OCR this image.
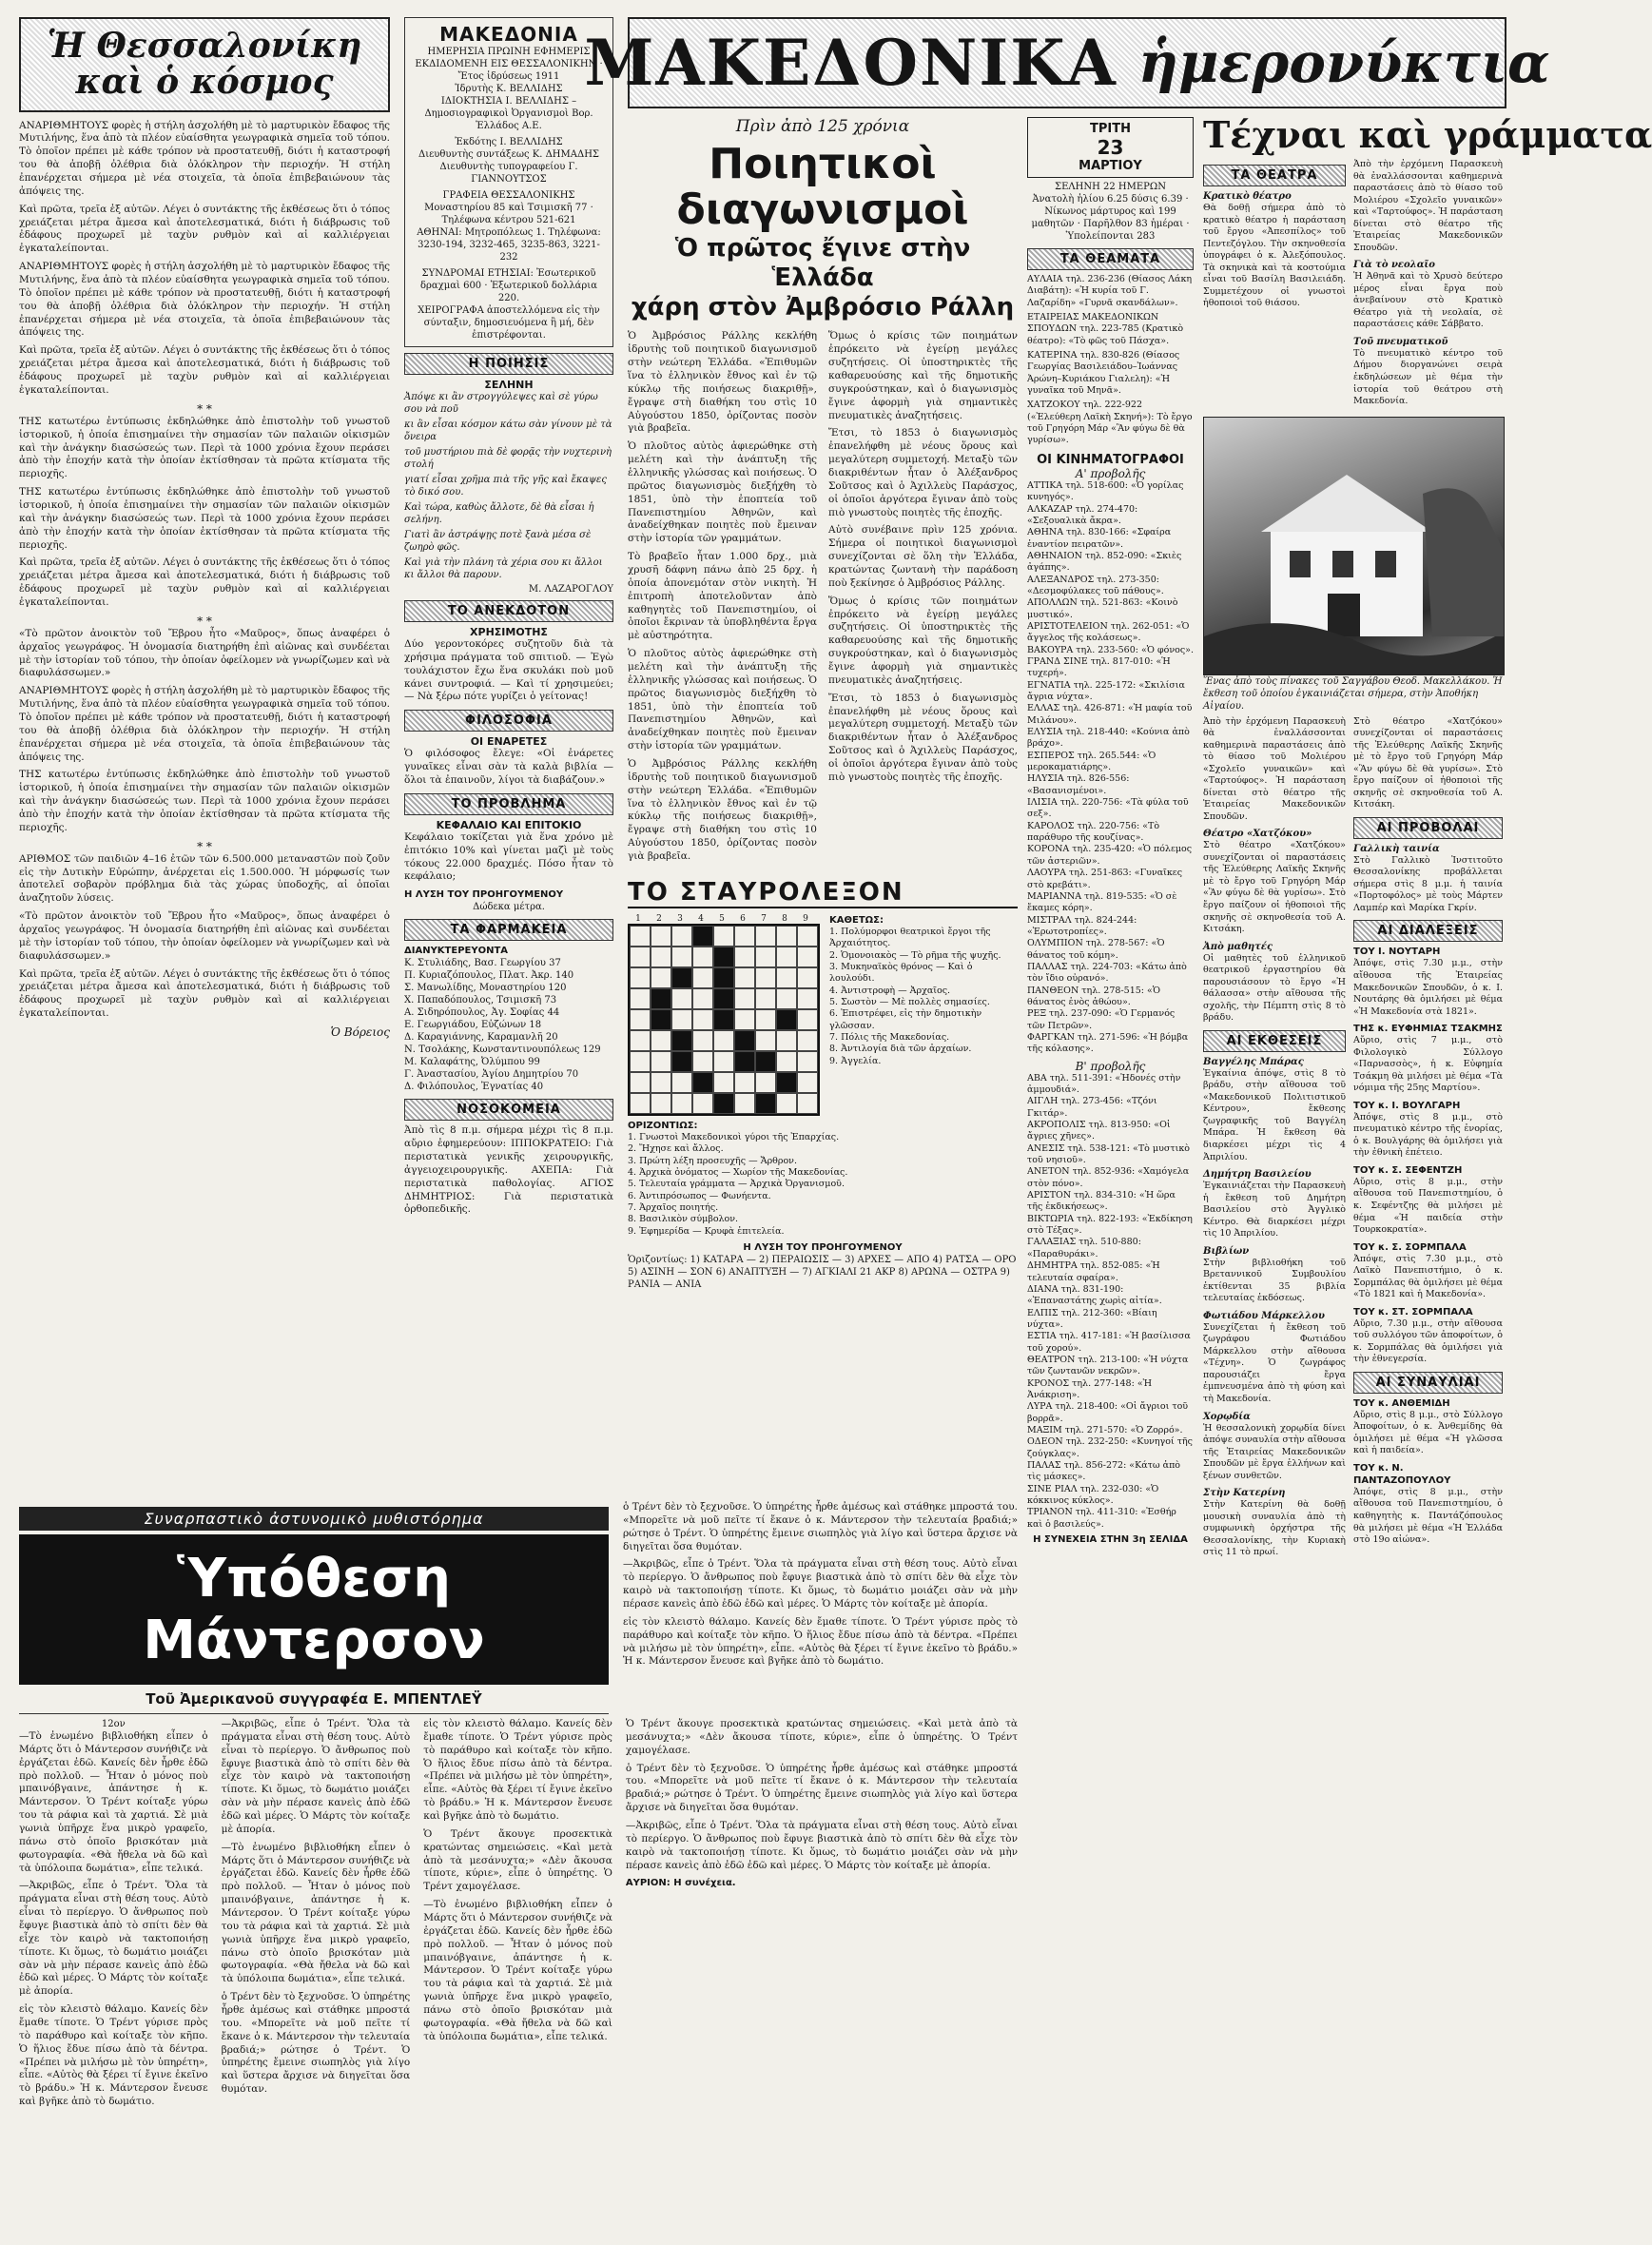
Ἡ Θεσσαλονίκη
καὶ ὁ κόσμος

ΑΝΑΡΙΘΜΗΤΟΥΣ φορὲς ἡ στήλη ἀσχολήθη μὲ τὸ μαρτυρικὸν ἔδαφος τῆς Μυτιλήνης, ἕνα ἀπὸ τὰ πλέον εὐαίσθητα γεωγραφικὰ σημεῖα τοῦ τόπου. Τὸ ὁποῖον πρέπει μὲ κάθε τρόπον νὰ προστατευθῇ, διότι ἡ καταστροφή του θὰ ἀποβῇ ὀλέθρια διὰ ὁλόκληρον τὴν περιοχήν. Ἡ στήλη ἐπανέρχεται σήμερα μὲ νέα στοιχεῖα, τὰ ὁποῖα ἐπιβεβαιώνουν τὰς ἀπόψεις της.

Καὶ πρῶτα, τρεῖα ἐξ αὐτῶν. Λέγει ὁ συντάκτης τῆς ἐκθέσεως ὅτι ὁ τόπος χρειάζεται μέτρα ἄμεσα καὶ ἀποτελεσματικά, διότι ἡ διάβρωσις τοῦ ἐδάφους προχωρεῖ μὲ ταχὺν ρυθμὸν καὶ αἱ καλλιέργειαι ἐγκαταλείπονται.

ΑΝΑΡΙΘΜΗΤΟΥΣ φορὲς ἡ στήλη ἀσχολήθη μὲ τὸ μαρτυρικὸν ἔδαφος τῆς Μυτιλήνης, ἕνα ἀπὸ τὰ πλέον εὐαίσθητα γεωγραφικὰ σημεῖα τοῦ τόπου. Τὸ ὁποῖον πρέπει μὲ κάθε τρόπον νὰ προστατευθῇ, διότι ἡ καταστροφή του θὰ ἀποβῇ ὀλέθρια διὰ ὁλόκληρον τὴν περιοχήν. Ἡ στήλη ἐπανέρχεται σήμερα μὲ νέα στοιχεῖα, τὰ ὁποῖα ἐπιβεβαιώνουν τὰς ἀπόψεις της.

Καὶ πρῶτα, τρεῖα ἐξ αὐτῶν. Λέγει ὁ συντάκτης τῆς ἐκθέσεως ὅτι ὁ τόπος χρειάζεται μέτρα ἄμεσα καὶ ἀποτελεσματικά, διότι ἡ διάβρωσις τοῦ ἐδάφους προχωρεῖ μὲ ταχὺν ρυθμὸν καὶ αἱ καλλιέργειαι ἐγκαταλείπονται.

* *

ΤΗΣ κατωτέρω ἐντύπωσις ἐκδηλώθηκε ἀπὸ ἐπιστολὴν τοῦ γνωστοῦ ἱστορικοῦ, ἡ ὁποία ἐπισημαίνει τὴν σημασίαν τῶν παλαιῶν οἰκισμῶν καὶ τὴν ἀνάγκην διασώσεώς των. Περὶ τὰ 1000 χρόνια ἔχουν περάσει ἀπὸ τὴν ἐποχήν κατὰ τὴν ὁποίαν ἐκτίσθησαν τὰ πρῶτα κτίσματα τῆς περιοχῆς.

ΤΗΣ κατωτέρω ἐντύπωσις ἐκδηλώθηκε ἀπὸ ἐπιστολὴν τοῦ γνωστοῦ ἱστορικοῦ, ἡ ὁποία ἐπισημαίνει τὴν σημασίαν τῶν παλαιῶν οἰκισμῶν καὶ τὴν ἀνάγκην διασώσεώς των. Περὶ τὰ 1000 χρόνια ἔχουν περάσει ἀπὸ τὴν ἐποχήν κατὰ τὴν ὁποίαν ἐκτίσθησαν τὰ πρῶτα κτίσματα τῆς περιοχῆς.

Καὶ πρῶτα, τρεῖα ἐξ αὐτῶν. Λέγει ὁ συντάκτης τῆς ἐκθέσεως ὅτι ὁ τόπος χρειάζεται μέτρα ἄμεσα καὶ ἀποτελεσματικά, διότι ἡ διάβρωσις τοῦ ἐδάφους προχωρεῖ μὲ ταχὺν ρυθμὸν καὶ αἱ καλλιέργειαι ἐγκαταλείπονται.

* *

«Τὸ πρῶτον ἀνοικτὸν τοῦ Ἔβρου ἦτο «Μαῦρος», ὅπως ἀναφέρει ὁ ἀρχαῖος γεωγράφος. Ἡ ὀνομασία διατηρήθη ἐπὶ αἰῶνας καὶ συνδέεται μὲ τὴν ἱστορίαν τοῦ τόπου, τὴν ὁποίαν ὀφείλομεν νὰ γνωρίζωμεν καὶ νὰ διαφυλάσσωμεν.»

ΑΝΑΡΙΘΜΗΤΟΥΣ φορὲς ἡ στήλη ἀσχολήθη μὲ τὸ μαρτυρικὸν ἔδαφος τῆς Μυτιλήνης, ἕνα ἀπὸ τὰ πλέον εὐαίσθητα γεωγραφικὰ σημεῖα τοῦ τόπου. Τὸ ὁποῖον πρέπει μὲ κάθε τρόπον νὰ προστατευθῇ, διότι ἡ καταστροφή του θὰ ἀποβῇ ὀλέθρια διὰ ὁλόκληρον τὴν περιοχήν. Ἡ στήλη ἐπανέρχεται σήμερα μὲ νέα στοιχεῖα, τὰ ὁποῖα ἐπιβεβαιώνουν τὰς ἀπόψεις της.

ΤΗΣ κατωτέρω ἐντύπωσις ἐκδηλώθηκε ἀπὸ ἐπιστολὴν τοῦ γνωστοῦ ἱστορικοῦ, ἡ ὁποία ἐπισημαίνει τὴν σημασίαν τῶν παλαιῶν οἰκισμῶν καὶ τὴν ἀνάγκην διασώσεώς των. Περὶ τὰ 1000 χρόνια ἔχουν περάσει ἀπὸ τὴν ἐποχήν κατὰ τὴν ὁποίαν ἐκτίσθησαν τὰ πρῶτα κτίσματα τῆς περιοχῆς.

* *

ΑΡΙΘΜΟΣ τῶν παιδιῶν 4–16 ἐτῶν τῶν 6.500.000 μεταναστῶν ποὺ ζοῦν εἰς τὴν Δυτικὴν Εὐρώπην, ἀνέρχεται εἰς 1.500.000. Ἡ μόρφωσίς των ἀποτελεῖ σοβαρὸν πρόβλημα διὰ τὰς χώρας ὑποδοχῆς, αἱ ὁποῖαι ἀναζητοῦν λύσεις.

«Τὸ πρῶτον ἀνοικτὸν τοῦ Ἔβρου ἦτο «Μαῦρος», ὅπως ἀναφέρει ὁ ἀρχαῖος γεωγράφος. Ἡ ὀνομασία διατηρήθη ἐπὶ αἰῶνας καὶ συνδέεται μὲ τὴν ἱστορίαν τοῦ τόπου, τὴν ὁποίαν ὀφείλομεν νὰ γνωρίζωμεν καὶ νὰ διαφυλάσσωμεν.»

Καὶ πρῶτα, τρεῖα ἐξ αὐτῶν. Λέγει ὁ συντάκτης τῆς ἐκθέσεως ὅτι ὁ τόπος χρειάζεται μέτρα ἄμεσα καὶ ἀποτελεσματικά, διότι ἡ διάβρωσις τοῦ ἐδάφους προχωρεῖ μὲ ταχὺν ρυθμὸν καὶ αἱ καλλιέργειαι ἐγκαταλείπονται.

Ὁ Βόρειος
ΜΑΚΕΔΟΝΙΑ
ΗΜΕΡΗΣΙΑ ΠΡΩΙΝΗ ΕΦΗΜΕΡΙΣ ΕΚΔΙΔΟΜΕΝΗ ΕΙΣ ΘΕΣΣΑΛΟΝΙΚΗΝ · Ἔτος ἱδρύσεως 1911
Ἱδρυτὴς Κ. ΒΕΛΛΙΔΗΣ
ΙΔΙΟΚΤΗΣΙΑ Ι. ΒΕΛΛΙΔΗΣ – Δημοσιογραφικοὶ Ὀργανισμοὶ Βορ. Ἑλλάδος Α.Ε.
Ἐκδότης Ι. ΒΕΛΛΙΔΗΣ
Διευθυντὴς συντάξεως Κ. ΔΗΜΑΔΗΣ
Διευθυντὴς τυπογραφείου Γ. ΓΙΑΝΝΟΥΤΣΟΣ
ΓΡΑΦΕΙΑ ΘΕΣΣΑΛΟΝΙΚΗΣ Μοναστηρίου 85 καὶ Τσιμισκῆ 77 · Τηλέφωνα κέντρου 521-621
ΑΘΗΝΑΙ: Μητροπόλεως 1. Τηλέφωνα: 3230-194, 3232-465, 3235-863, 3221-232
ΣΥΝΔΡΟΜΑΙ ΕΤΗΣΙΑΙ: Ἐσωτερικοῦ δραχμαὶ 600 · Ἐξωτερικοῦ δολλάρια 220.
ΧΕΙΡΟΓΡΑΦΑ ἀποστελλόμενα εἰς τὴν σύνταξιν, δημοσιευόμενα ἢ μή, δὲν ἐπιστρέφονται.
Η ΠΟΙΗΣΙΣ
ΣΕΛΗΝΗ
Ἀπόψε κι ἂν στρογγύλεψες καὶ σὲ γύρω σου νὰ ποῦ
κι ἂν εἶσαι κόσμον κάτω σὰν γίνουν μὲ τὰ ὄνειρα
τοῦ μυστήριου πιὰ δὲ φορᾷς τὴν νυχτερινὴ στολή
γιατί εἶσαι χρῆμα πιὰ τῆς γῆς καὶ ἔκαψες τὸ δικό σου.
Καὶ τώρα, καθὼς ἄλλοτε, δὲ θὰ εἶσαι ἡ σελήνη.
Γιατὶ ἂν ἀστράψῃς ποτὲ ξανὰ μέσα σὲ ζωηρὸ φῶς.
Καὶ γιὰ τὴν πλάνη τὰ χέρια σου κι ἄλλοι κι ἄλλοι θὰ παρουν.
Μ. ΛΑΖΑΡΟΓΛΟΥ
ΤΟ ΑΝΕΚΔΟΤΟΝ
ΧΡΗΣΙΜΟΤΗΣ

Δύο γεροντοκόρες συζητοῦν διὰ τὰ χρήσιμα πράγματα τοῦ σπιτιοῦ. — Ἐγὼ τουλάχιστον ἔχω ἕνα σκυλάκι ποὺ μοῦ κάνει συντροφιά. — Καὶ τί χρησιμεύει; — Νὰ ξέρω πότε γυρίζει ὁ γείτονας!

ΦΙΛΟΣΟΦΙΑ
ΟΙ ΕΝΑΡΕΤΕΣ

Ὁ φιλόσοφος ἔλεγε: «Οἱ ἐνάρετες γυναῖκες εἶναι σὰν τὰ καλὰ βιβλία — ὅλοι τὰ ἐπαινοῦν, λίγοι τὰ διαβάζουν.»

ΤΟ ΠΡΟΒΛΗΜΑ
ΚΕΦΑΛΑΙΟ ΚΑΙ ΕΠΙΤΟΚΙΟ

Κεφάλαιο τοκίζεται γιὰ ἕνα χρόνο μὲ ἐπιτόκιο 10% καὶ γίνεται μαζὶ μὲ τοὺς τόκους 22.000 δραχμές. Πόσο ἦταν τὸ κεφάλαιο;

Η ΛΥΣΗ ΤΟΥ ΠΡΟΗΓΟΥΜΕΝΟΥ
Δώδεκα μέτρα.
ΤΑ ΦΑΡΜΑΚΕΙΑ
ΔΙΑΝΥΚΤΕΡΕΥΟΝΤΑ
Κ. Στυλιάδης, Βασ. Γεωργίου 37
Π. Κυριαζόπουλος, Πλατ. Ἀκρ. 140
Σ. Μανωλίδης, Μοναστηρίου 120
Χ. Παπαδόπουλος, Τσιμισκῆ 73
Α. Σιδηρόπουλος, Ἀγ. Σοφίας 44
Ε. Γεωργιάδου, Εὐζώνων 18
Δ. Καραγιάννης, Καραμανλῆ 20
Ν. Τσολάκης, Κωνσταντινουπόλεως 129
Μ. Καλαφάτης, Ὀλύμπου 99
Γ. Ἀναστασίου, Ἀγίου Δημητρίου 70
Δ. Φιλόπουλος, Ἐγνατίας 40
ΝΟΣΟΚΟΜΕΙΑ

Ἀπὸ τὶς 8 π.μ. σήμερα μέχρι τὶς 8 π.μ. αὔριο ἐφημερεύουν: ΙΠΠΟΚΡΑΤΕΙΟ: Γιὰ περιστατικὰ γενικῆς χειρουργικῆς, ἀγγειοχειρουργικῆς. ΑΧΕΠΑ: Γιὰ περιστατικὰ παθολογίας. ΑΓΙΟΣ ΔΗΜΗΤΡΙΟΣ: Γιὰ περιστατικὰ ὀρθοπεδικῆς.

ΜΑΚΕΔΟΝΙΚΑ ἡμερονύκτια
Πρὶν ἀπὸ 125 χρόνια
Ποιητικοὶ διαγωνισμοὶ
Ὁ πρῶτος ἔγινε στὴν Ἑλλάδα
χάρη στὸν Ἀμβρόσιο Ράλλη

Ὁ Ἀμβρόσιος Ράλλης κεκλήθη ἱδρυτὴς τοῦ ποιητικοῦ διαγωνισμοῦ στὴν νεώτερη Ἑλλάδα. «Ἐπιθυμῶν ἵνα τὸ ἑλληνικὸν ἔθνος καὶ ἐν τῷ κύκλῳ τῆς ποιήσεως διακριθῇ», ἔγραψε στὴ διαθήκη του στὶς 10 Αὐγούστου 1850, ὁρίζοντας ποσὸν γιὰ βραβεῖα.

Ὁ πλοῦτος αὐτὸς ἀφιερώθηκε στὴ μελέτη καὶ τὴν ἀνάπτυξη τῆς ἑλληνικῆς γλώσσας καὶ ποιήσεως. Ὁ πρῶτος διαγωνισμὸς διεξήχθη τὸ 1851, ὑπὸ τὴν ἐποπτεία τοῦ Πανεπιστημίου Ἀθηνῶν, καὶ ἀναδείχθηκαν ποιητὲς ποὺ ἔμειναν στὴν ἱστορία τῶν γραμμάτων.

Τὸ βραβεῖο ἦταν 1.000 δρχ., μιὰ χρυσῆ δάφνη πάνω ἀπὸ 25 δρχ. ἡ ὁποία ἀπονεμόταν στὸν νικητὴ. Ἡ ἐπιτροπὴ ἀποτελοῦνταν ἀπὸ καθηγητὲς τοῦ Πανεπιστημίου, οἱ ὁποῖοι ἔκριναν τὰ ὑποβληθέντα ἔργα μὲ αὐστηρότητα.

Ὁ πλοῦτος αὐτὸς ἀφιερώθηκε στὴ μελέτη καὶ τὴν ἀνάπτυξη τῆς ἑλληνικῆς γλώσσας καὶ ποιήσεως. Ὁ πρῶτος διαγωνισμὸς διεξήχθη τὸ 1851, ὑπὸ τὴν ἐποπτεία τοῦ Πανεπιστημίου Ἀθηνῶν, καὶ ἀναδείχθηκαν ποιητὲς ποὺ ἔμειναν στὴν ἱστορία τῶν γραμμάτων.

Ὁ Ἀμβρόσιος Ράλλης κεκλήθη ἱδρυτὴς τοῦ ποιητικοῦ διαγωνισμοῦ στὴν νεώτερη Ἑλλάδα. «Ἐπιθυμῶν ἵνα τὸ ἑλληνικὸν ἔθνος καὶ ἐν τῷ κύκλῳ τῆς ποιήσεως διακριθῇ», ἔγραψε στὴ διαθήκη του στὶς 10 Αὐγούστου 1850, ὁρίζοντας ποσὸν γιὰ βραβεῖα.

Ὅμως ὁ κρίσις τῶν ποιημάτων ἐπρόκειτο νὰ ἐγείρῃ μεγάλες συζητήσεις. Οἱ ὑποστηρικτὲς τῆς καθαρευούσης καὶ τῆς δημοτικῆς συγκρούστηκαν, καὶ ὁ διαγωνισμὸς ἔγινε ἀφορμὴ γιὰ σημαντικὲς πνευματικὲς ἀναζητήσεις.

Ἔτσι, τὸ 1853 ὁ διαγωνισμὸς ἐπανελήφθη μὲ νέους ὅρους καὶ μεγαλύτερη συμμετοχή. Μεταξὺ τῶν διακριθέντων ἦταν ὁ Ἀλέξανδρος Σοῦτσος καὶ ὁ Ἀχιλλεὺς Παράσχος, οἱ ὁποῖοι ἀργότερα ἔγιναν ἀπὸ τοὺς πιὸ γνωστοὺς ποιητὲς τῆς ἐποχῆς.

Αὐτὸ συνέβαινε πρὶν 125 χρόνια. Σήμερα οἱ ποιητικοὶ διαγωνισμοὶ συνεχίζονται σὲ ὅλη τὴν Ἑλλάδα, κρατώντας ζωντανὴ τὴν παράδοση ποὺ ξεκίνησε ὁ Ἀμβρόσιος Ράλλης.

Ὅμως ὁ κρίσις τῶν ποιημάτων ἐπρόκειτο νὰ ἐγείρῃ μεγάλες συζητήσεις. Οἱ ὑποστηρικτὲς τῆς καθαρευούσης καὶ τῆς δημοτικῆς συγκρούστηκαν, καὶ ὁ διαγωνισμὸς ἔγινε ἀφορμὴ γιὰ σημαντικὲς πνευματικὲς ἀναζητήσεις.

Ἔτσι, τὸ 1853 ὁ διαγωνισμὸς ἐπανελήφθη μὲ νέους ὅρους καὶ μεγαλύτερη συμμετοχή. Μεταξὺ τῶν διακριθέντων ἦταν ὁ Ἀλέξανδρος Σοῦτσος καὶ ὁ Ἀχιλλεὺς Παράσχος, οἱ ὁποῖοι ἀργότερα ἔγιναν ἀπὸ τοὺς πιὸ γνωστοὺς ποιητὲς τῆς ἐποχῆς.

ΤΟ ΣΤΑΥΡΟΛΕΞΟΝ
1	2	3	4	5	6	7	8	9	ΚΑΘΕΤΩΣ:
1. Πολύμορφοι θεατρικοὶ ἔργοι τῆς Ἀρχαιότητος.
2. Ὁμονοιακὸς — Τὸ ρῆμα τῆς ψυχῆς.
3. Μυκηναϊκὸς θρόνος — Καὶ ὁ λουλούδι.
4. Ἀντιστροφὴ — Ἀρχαῖος.
5. Σωστὸν — Μὲ πολλὲς σημασίες.
6. Ἐπιστρέφει, εἰς τὴν δημοτικὴν γλῶσσαν.
7. Πόλις τῆς Μακεδονίας.
8. Ἀντιλογία διὰ τῶν ἀρχαίων.
9. Ἀγγελία.
ΟΡΙΖΟΝΤΙΩΣ:
1. Γνωστοὶ Μακεδονικοὶ γύροι τῆς Ἐπαρχίας.
2. Ἤχησε καὶ ἄλλος.
3. Πρώτη λέξη προσευχῆς — Ἄρθρον.
4. Ἀρχικὰ ὀνόματος — Χωρίον τῆς Μακεδονίας.
5. Τελευταία γράμματα — Ἀρχικὰ Ὀργανισμοῦ.
6. Ἀντιπρόσωπος — Φωνήεντα.
7. Ἀρχαῖος ποιητής.
8. Βασιλικὸν σύμβολον.
9. Ἐφημερίδα — Κρυφὰ ἐπιτελεία.
Η ΛΥΣΗ ΤΟΥ ΠΡΟΗΓΟΥΜΕΝΟΥ
Ὁριζοντίως: 1) ΚΑΤΑΡΑ — 2) ΠΕΡΑΙΩΣΙΣ — 3) ΑΡΧΕΣ — ΑΠΟ 4) ΡΑΤΣΑ — ΟΡΟ 5) ΑΣΙΝΗ — ΣΟΝ 6) ΑΝΑΠΤΥΞΗ — 7) ΑΓΚΙΑΛΙ 21 ΑΚΡ 8) ΑΡΩΝΑ — ΟΣΤΡΑ 9) ΡΑΝΙΑ — ΑΝΙΑ
ΤΡΙΤΗ
23
ΜΑΡΤΙΟΥ
ΣΕΛΗΝΗ 22 ΗΜΕΡΩΝ
Ἀνατολὴ ἡλίου 6.25 δύσις 6.39 · Νίκωνος μάρτυρος καὶ 199 μαθητῶν · Παρῆλθον 83 ἡμέραι · Ὑπολείπονται 283
ΤΑ ΘΕΑΜΑΤΑ
ΑΥΛΑΙΑ τηλ. 236-236 (Θίασος Λάκη Διαβάτη): «Ἡ κυρία τοῦ Γ. Λαζαρίδη» «Γυρνᾶ σκανδάλων».
ΕΤΑΙΡΕΙΑΣ ΜΑΚΕΔΟΝΙΚΩΝ ΣΠΟΥΔΩΝ τηλ. 223-785 (Κρατικὸ θέατρο): «Τὸ φῶς τοῦ Πάσχα».
ΚΑΤΕΡΙΝΑ τηλ. 830-826 (Θίασος Γεωργίας Βασιλειάδου–Ἰωάννας Ἀρώνη–Κυριάκου Γιαλελη): «Ἡ γυναῖκα τοῦ Μηνᾶ».
ΧΑΤΖΟΚΟΥ τηλ. 222-922 («Ἐλεύθερη Λαϊκὴ Σκηνή»): Τὸ ἔργο τοῦ Γρηγόρη Μάρ «Ἂν φύγω δὲ θὰ γυρίσω».
ΟΙ ΚΙΝΗΜΑΤΟΓΡΑΦΟΙ
Α' προβολῆς
ΑΤΤΙΚΑ τηλ. 518-600: «Ὁ γορίλας κυνηγός».
ΑΛΚΑΖΑΡ τηλ. 274-470: «Σεξουαλικὰ ἄκρα».
ΑΘΗΝΑ τηλ. 830-166: «Σφαίρα ἐναντίον πειρατῶν».
ΑΘΗΝΑΙΟΝ τηλ. 852-090: «Σκιὲς ἀγάπης».
ΑΛΕΞΑΝΔΡΟΣ τηλ. 273-350: «Δεσμοφύλακες τοῦ πάθους».
ΑΠΟΛΛΩΝ τηλ. 521-863: «Κοινὸ μυστικό».
ΑΡΙΣΤΟΤΕΛΕΙΟΝ τηλ. 262-051: «Ὁ ἄγγελος τῆς κολάσεως».
ΒΑΚΟΥΡΑ τηλ. 233-560: «Ὁ φόνος».
ΓΡΑΝΔ ΣΙΝΕ τηλ. 817-010: «Ἡ τυχερή».
ΕΓΝΑΤΙΑ τηλ. 225-172: «Σκιλίσια ἄγρια νύχτα».
ΕΛΛΑΣ τηλ. 426-871: «Ἡ μαφία τοῦ Μιλάνου».
ΕΛΥΣΙΑ τηλ. 218-440: «Κούνια ἀπὸ βράχο».
ΕΣΠΕΡΟΣ τηλ. 265.544: «Ὁ μεροκαματιάρης».
ΗΛΥΣΙΑ τηλ. 826-556: «Βασανισμένοι».
ΙΛΙΣΙΑ τηλ. 220-756: «Τὰ φύλα τοῦ σεξ».
ΚΑΡΟΛΟΣ τηλ. 220-756: «Τὸ παράθυρο τῆς κουζίνας».
ΚΟΡΟΝΑ τηλ. 235-420: «Ὁ πόλεμος τῶν ἀστεριῶν».
ΛΑΟΥΡΑ τηλ. 251-863: «Γυναῖκες στὸ κρεβάτι».
ΜΑΡΙΑΝΝΑ τηλ. 819-535: «Ὁ σὲ ἔκαμες κόρη».
ΜΙΣΤΡΑΛ τηλ. 824-244: «Ἐρωτοτροπίες».
ΟΛΥΜΠΙΟΝ τηλ. 278-567: «Ὁ θάνατος τοῦ κόμη».
ΠΑΛΛΑΣ τηλ. 224-703: «Κάτω ἀπὸ τὸν ἴδιο οὐρανό».
ΠΑΝΘΕΟΝ τηλ. 278-515: «Ὁ θάνατος ἑνὸς ἀθώου».
ΡΕΞ τηλ. 237-090: «Ὁ Γερμανός τῶν Πετρῶν».
ΦΑΡΓΚΑΝ τηλ. 271-596: «Ἡ βόμβα τῆς κόλασης».
Β' προβολῆς
ΑΒΑ τηλ. 511-391: «Ἠδονές στὴν ἀμμουδιά».
ΑΙΓΛΗ τηλ. 273-456: «Τζόνι Γκιτάρ».
ΑΚΡΟΠΟΛΙΣ τηλ. 813-950: «Οἱ ἄγριες χῆνες».
ΑΝΕΣΙΣ τηλ. 538-121: «Τὸ μυστικὸ τοῦ νησιοῦ».
ΑΝΕΤΟΝ τηλ. 852-936: «Χαμόγελα στὸν πόνο».
ΑΡΙΣΤΟΝ τηλ. 834-310: «Ἡ ὥρα τῆς ἐκδικήσεως».
ΒΙΚΤΩΡΙΑ τηλ. 822-193: «Ἐκδίκηση στὸ Τέξας».
ΓΑΛΑΞΙΑΣ τηλ. 510-880: «Παραθυράκι».
ΔΗΜΗΤΡΑ τηλ. 852-085: «Ἡ τελευταία σφαίρα».
ΔΙΑΝΑ τηλ. 831-190: «Ἐπαναστάτης χωρὶς αἰτία».
ΕΛΠΙΣ τηλ. 212-360: «Βίαιη νύχτα».
ΕΣΤΙΑ τηλ. 417-181: «Ἡ βασίλισσα τοῦ χορού».
ΘΕΑΤΡΟΝ τηλ. 213-100: «Ἡ νύχτα τῶν ζωντανῶν νεκρῶν».
ΚΡΟΝΟΣ τηλ. 277-148: «Ἡ Ἀνάκριση».
ΛΥΡΑ τηλ. 218-400: «Οἱ ἄγριοι τοῦ βορρᾶ».
ΜΑΞΙΜ τηλ. 271-570: «Ὁ Ζορρό».
ΟΔΕΟΝ τηλ. 232-250: «Κυνηγοί τῆς ζούγκλας».
ΠΑΛΑΣ τηλ. 856-272: «Κάτω ἀπὸ τὶς μάσκες».
ΣΙΝΕ ΡΙΑΛ τηλ. 232-030: «Ὁ κόκκινος κύκλος».
ΤΡΙΑΝΟΝ τηλ. 411-310: «Ἐσθήρ καὶ ὁ βασιλεύς».
Η ΣΥΝΕΧΕΙΑ ΣΤΗΝ 3η ΣΕΛΙΔΑ
Τέχναι καὶ γράμματα
ΤΑ ΘΕΑΤΡΑ
Κρατικὸ θέατρο

Θὰ δοθῇ σήμερα ἀπὸ τὸ κρατικὸ θέατρο ἡ παράσταση τοῦ ἔργου «Ἀπεσπίλος» τοῦ Πεντεζόγλου. Τὴν σκηνοθεσία ὑπογράφει ὁ κ. Ἀλεξόπουλος. Τὰ σκηνικὰ καὶ τὰ κοστούμια εἶναι τοῦ Βασίλη Βασιλειάδη. Συμμετέχουν οἱ γνωστοὶ ἠθοποιοὶ τοῦ θιάσου.

Ἀπὸ τὴν ἐρχόμενη Παρασκευὴ θὰ ἐναλλάσσονται καθημερινὰ παραστάσεις ἀπὸ τὸ θίασο τοῦ Μολιέρου «Σχολεῖο γυναικῶν» καὶ «Ταρτούφος». Ἡ παράσταση δίνεται στὸ θέατρο τῆς Ἑταιρείας Μακεδονικῶν Σπουδῶν.

Γιὰ τὸ νεολαῖο

Ἡ Ἀθηνᾶ καὶ τὸ Χρυσὸ δεύτερο μέρος εἶναι ἔργα ποὺ ἀνεβαίνουν στὸ Κρατικὸ Θέατρο γιὰ τὴ νεολαία, σὲ παραστάσεις κάθε Σάββατο.

Τοῦ πνευματικοῦ

Τὸ πνευματικὸ κέντρο τοῦ Δήμου διοργανώνει σειρὰ ἐκδηλώσεων μὲ θέμα τὴν ἱστορία τοῦ θεάτρου στὴ Μακεδονία.

Ἕνας ἀπὸ τοὺς πίνακες τοῦ Σαγγάβου Θεοδ. Μακελλάκου. Ἡ ἔκθεση τοῦ ὁποίου ἐγκαινιάζεται σήμερα, στὴν Ἀποθήκη Αἰγαίου.

Ἀπὸ τὴν ἐρχόμενη Παρασκευὴ θὰ ἐναλλάσσονται καθημερινὰ παραστάσεις ἀπὸ τὸ θίασο τοῦ Μολιέρου «Σχολεῖο γυναικῶν» καὶ «Ταρτούφος». Ἡ παράσταση δίνεται στὸ θέατρο τῆς Ἑταιρείας Μακεδονικῶν Σπουδῶν.

Θέατρο «Χατζόκου»

Στὸ θέατρο «Χατζόκου» συνεχίζονται οἱ παραστάσεις τῆς Ἐλεύθερης Λαϊκῆς Σκηνῆς μὲ τὸ ἔργο τοῦ Γρηγόρη Μάρ «Ἂν φύγω δὲ θὰ γυρίσω». Στὸ ἔργο παίζουν οἱ ἠθοποιοὶ τῆς σκηνῆς σὲ σκηνοθεσία τοῦ Α. Κιτσάκη.

Ἀπὸ μαθητές

Οἱ μαθητὲς τοῦ ἑλληνικοῦ θεατρικοῦ ἐργαστηρίου θὰ παρουσιάσουν τὸ ἔργο «Ἡ θάλασσα» στὴν αἴθουσα τῆς σχολῆς, τὴν Πέμπτη στὶς 8 τὸ βράδυ.

ΑΙ ΕΚΘΕΣΕΙΣ
Βαγγέλης Μπάρας

Ἐγκαίνια ἀπόψε, στὶς 8 τὸ βράδυ, στὴν αἴθουσα τοῦ «Μακεδονικοῦ Πολιτιστικοῦ Κέντρου», ἔκθεσης ζωγραφικῆς τοῦ Βαγγέλη Μπάρα. Ἡ ἔκθεση θὰ διαρκέσει μέχρι τὶς 4 Ἀπριλίου.

Δημήτρη Βασιλείου

Ἐγκαινιάζεται τὴν Παρασκευὴ ἡ ἔκθεση τοῦ Δημήτρη Βασιλείου στὸ Ἀγγλικὸ Κέντρο. Θὰ διαρκέσει μέχρι τὶς 10 Ἀπριλίου.

Βιβλίων

Στὴν βιβλιοθήκη τοῦ Βρεταννικοῦ Συμβουλίου ἐκτίθενται 35 βιβλία τελευταίας ἐκδόσεως.

Φωτιάδου Μάρκελλου

Συνεχίζεται ἡ ἔκθεση τοῦ ζωγράφου Φωτιάδου Μάρκελλου στὴν αἴθουσα «Τέχνη». Ὁ ζωγράφος παρουσιάζει ἔργα ἐμπνευσμένα ἀπὸ τὴ φύση καὶ τὴ Μακεδονία.

Χορῳδία

Ἡ θεσσαλονικὴ χορῳδία δίνει ἀπόψε συναυλία στὴν αἴθουσα τῆς Ἑταιρείας Μακεδονικῶν Σπουδῶν μὲ ἔργα ἑλλήνων καὶ ξένων συνθετῶν.

Στὴν Κατερίνη

Στὴν Κατερίνη θὰ δοθῇ μουσικὴ συναυλία ἀπὸ τὴ συμφωνικὴ ὀρχήστρα τῆς Θεσσαλονίκης, τὴν Κυριακὴ στὶς 11 τὸ πρωί.

Στὸ θέατρο «Χατζόκου» συνεχίζονται οἱ παραστάσεις τῆς Ἐλεύθερης Λαϊκῆς Σκηνῆς μὲ τὸ ἔργο τοῦ Γρηγόρη Μάρ «Ἂν φύγω δὲ θὰ γυρίσω». Στὸ ἔργο παίζουν οἱ ἠθοποιοὶ τῆς σκηνῆς σὲ σκηνοθεσία τοῦ Α. Κιτσάκη.

ΑΙ ΠΡΟΒΟΛΑΙ
Γαλλικὴ ταινία

Στὸ Γαλλικὸ Ἰνστιτοῦτο Θεσσαλονίκης προβάλλεται σήμερα στὶς 8 μ.μ. ἡ ταινία «Πορτοφόλος» μὲ τοὺς Μάρτεν Λαμπέρ καὶ Μαρίκα Γκρίν.

ΑΙ ΔΙΑΛΕΞΕΙΣ
ΤΟΥ Ι. ΝΟΥΤΑΡΗ

Ἀπόψε, στὶς 7.30 μ.μ., στὴν αἴθουσα τῆς Ἑταιρείας Μακεδονικῶν Σπουδῶν, ὁ κ. Ι. Νουτάρης θὰ ὁμιλήσει μὲ θέμα «Ἡ Μακεδονία στὰ 1821».

ΤΗΣ κ. ΕΥΦΗΜΙΑΣ ΤΣΑΚΜΗΣ

Αὔριο, στὶς 7 μ.μ., στὸ Φιλολογικὸ Σύλλογο «Παρνασσὸς», ἡ κ. Εὐφημία Τσάκμη θὰ μιλήσει μὲ θέμα «Τὰ νόμιμα τῆς 25ης Μαρτίου».

ΤΟΥ κ. Ι. ΒΟΥΛΓΑΡΗ

Ἀπόψε, στὶς 8 μ.μ., στὸ πνευματικὸ κέντρο τῆς ἐνορίας, ὁ κ. Βουλγάρης θὰ ὁμιλήσει γιὰ τὴν ἐθνικὴ ἐπέτειο.

ΤΟΥ κ. Σ. ΣΕΦΕΝΤΖΗ

Αὔριο, στὶς 8 μ.μ., στὴν αἴθουσα τοῦ Πανεπιστημίου, ὁ κ. Σεφέντζης θὰ μιλήσει μὲ θέμα «Ἡ παιδεία στὴν Τουρκοκρατία».

ΤΟΥ κ. Σ. ΣΟΡΜΠΑΛΑ

Ἀπόψε, στὶς 7.30 μ.μ., στὸ Λαϊκὸ Πανεπιστήμιο, ὁ κ. Σορμπάλας θὰ ὁμιλήσει μὲ θέμα «Τὸ 1821 καὶ ἡ Μακεδονία».

ΤΟΥ κ. ΣΤ. ΣΟΡΜΠΑΛΑ

Αὔριο, 7.30 μ.μ., στὴν αἴθουσα τοῦ συλλόγου τῶν ἀποφοίτων, ὁ κ. Σορμπάλας θὰ ὁμιλήσει γιὰ τὴν ἐθνεγερσία.

ΑΙ ΣΥΝΑΥΛΙΑΙ
ΤΟΥ κ. ΑΝΘΕΜΙΔΗ

Αὔριο, στὶς 8 μ.μ., στὸ Σύλλογο Ἀποφοίτων, ὁ κ. Ἀνθεμίδης θὰ ὁμιλήσει μὲ θέμα «Ἡ γλῶσσα καὶ ἡ παιδεία».

ΤΟΥ κ. Ν. ΠΑΝΤΑΖΟΠΟΥΛΟΥ

Ἀπόψε, στὶς 8 μ.μ., στὴν αἴθουσα τοῦ Πανεπιστημίου, ὁ καθηγητὴς κ. Παντάζόπουλος θὰ μιλήσει μὲ θέμα «Ἡ Ἑλλάδα στὸ 19ο αἰώνα».

Συναρπαστικὸ ἀστυνομικὸ μυθιστόρημα
Ὑπόθεση Μάντερσον
Τοῦ Ἀμερικανοῦ συγγραφέα Ε. ΜΠΕΝΤΛΕΫ

ὁ Τρέντ δὲν τὸ ξεχνοῦσε. Ὁ ὑπηρέτης ἦρθε ἀμέσως καὶ στάθηκε μπροστά του. «Μπορεῖτε νὰ μοῦ πεῖτε τί ἔκανε ὁ κ. Μάντερσον τὴν τελευταία βραδιά;» ρώτησε ὁ Τρέντ. Ὁ ὑπηρέτης ἔμεινε σιωπηλὸς γιὰ λίγο καὶ ὕστερα ἄρχισε νὰ διηγεῖται ὅσα θυμόταν.

—Ἀκριβῶς, εἶπε ὁ Τρέντ. Ὅλα τὰ πράγματα εἶναι στὴ θέση τους. Αὐτὸ εἶναι τὸ περίεργο. Ὁ ἄνθρωπος ποὺ ἔφυγε βιαστικὰ ἀπὸ τὸ σπίτι δὲν θὰ εἶχε τὸν καιρὸ νὰ τακτοποιήσῃ τίποτε. Κι ὅμως, τὸ δωμάτιο μοιάζει σὰν νὰ μὴν πέρασε κανεὶς ἀπὸ ἐδῶ ἐδῶ καὶ μέρες. Ὁ Μάρτς τὸν κοίταξε μὲ ἀπορία.

εἰς τὸν κλειστὸ θάλαμο. Κανείς δὲν ἔμαθε τίποτε. Ὁ Τρέντ γύρισε πρὸς τὸ παράθυρο καὶ κοίταξε τὸν κῆπο. Ὁ ἥλιος ἔδυε πίσω ἀπὸ τὰ δέντρα. «Πρέπει νὰ μιλήσω μὲ τὸν ὑπηρέτη», εἶπε. «Αὐτὸς θὰ ξέρει τί ἔγινε ἐκεῖνο τὸ βράδυ.» Ἡ κ. Μάντερσον ἔνευσε καὶ βγῆκε ἀπὸ τὸ δωμάτιο.

12ον

—Τὸ ἐνωμένο βιβλιοθήκη εἶπεν ὁ Μάρτς ὅτι ὁ Μάντερσον συνήθιζε νὰ ἐργάζεται ἐδῶ. Κανείς δὲν ἦρθε ἐδῶ πρὸ πολλοῦ. — Ἦταν ὁ μόνος ποὺ μπαινόβγαινε, ἀπάντησε ἡ κ. Μάντερσον. Ὁ Τρέντ κοίταξε γύρω του τὰ ράφια καὶ τὰ χαρτιά. Σὲ μιὰ γωνιὰ ὑπῆρχε ἕνα μικρὸ γραφεῖο, πάνω στὸ ὁποῖο βρισκόταν μιὰ φωτογραφία. «Θὰ ἤθελα νὰ δῶ καὶ τὰ ὑπόλοιπα δωμάτια», εἶπε τελικά.

—Ἀκριβῶς, εἶπε ὁ Τρέντ. Ὅλα τὰ πράγματα εἶναι στὴ θέση τους. Αὐτὸ εἶναι τὸ περίεργο. Ὁ ἄνθρωπος ποὺ ἔφυγε βιαστικὰ ἀπὸ τὸ σπίτι δὲν θὰ εἶχε τὸν καιρὸ νὰ τακτοποιήσῃ τίποτε. Κι ὅμως, τὸ δωμάτιο μοιάζει σὰν νὰ μὴν πέρασε κανεὶς ἀπὸ ἐδῶ ἐδῶ καὶ μέρες. Ὁ Μάρτς τὸν κοίταξε μὲ ἀπορία.

εἰς τὸν κλειστὸ θάλαμο. Κανείς δὲν ἔμαθε τίποτε. Ὁ Τρέντ γύρισε πρὸς τὸ παράθυρο καὶ κοίταξε τὸν κῆπο. Ὁ ἥλιος ἔδυε πίσω ἀπὸ τὰ δέντρα. «Πρέπει νὰ μιλήσω μὲ τὸν ὑπηρέτη», εἶπε. «Αὐτὸς θὰ ξέρει τί ἔγινε ἐκεῖνο τὸ βράδυ.» Ἡ κ. Μάντερσον ἔνευσε καὶ βγῆκε ἀπὸ τὸ δωμάτιο.

—Ἀκριβῶς, εἶπε ὁ Τρέντ. Ὅλα τὰ πράγματα εἶναι στὴ θέση τους. Αὐτὸ εἶναι τὸ περίεργο. Ὁ ἄνθρωπος ποὺ ἔφυγε βιαστικὰ ἀπὸ τὸ σπίτι δὲν θὰ εἶχε τὸν καιρὸ νὰ τακτοποιήσῃ τίποτε. Κι ὅμως, τὸ δωμάτιο μοιάζει σὰν νὰ μὴν πέρασε κανεὶς ἀπὸ ἐδῶ ἐδῶ καὶ μέρες. Ὁ Μάρτς τὸν κοίταξε μὲ ἀπορία.

—Τὸ ἐνωμένο βιβλιοθήκη εἶπεν ὁ Μάρτς ὅτι ὁ Μάντερσον συνήθιζε νὰ ἐργάζεται ἐδῶ. Κανείς δὲν ἦρθε ἐδῶ πρὸ πολλοῦ. — Ἦταν ὁ μόνος ποὺ μπαινόβγαινε, ἀπάντησε ἡ κ. Μάντερσον. Ὁ Τρέντ κοίταξε γύρω του τὰ ράφια καὶ τὰ χαρτιά. Σὲ μιὰ γωνιὰ ὑπῆρχε ἕνα μικρὸ γραφεῖο, πάνω στὸ ὁποῖο βρισκόταν μιὰ φωτογραφία. «Θὰ ἤθελα νὰ δῶ καὶ τὰ ὑπόλοιπα δωμάτια», εἶπε τελικά.

ὁ Τρέντ δὲν τὸ ξεχνοῦσε. Ὁ ὑπηρέτης ἦρθε ἀμέσως καὶ στάθηκε μπροστά του. «Μπορεῖτε νὰ μοῦ πεῖτε τί ἔκανε ὁ κ. Μάντερσον τὴν τελευταία βραδιά;» ρώτησε ὁ Τρέντ. Ὁ ὑπηρέτης ἔμεινε σιωπηλὸς γιὰ λίγο καὶ ὕστερα ἄρχισε νὰ διηγεῖται ὅσα θυμόταν.

εἰς τὸν κλειστὸ θάλαμο. Κανείς δὲν ἔμαθε τίποτε. Ὁ Τρέντ γύρισε πρὸς τὸ παράθυρο καὶ κοίταξε τὸν κῆπο. Ὁ ἥλιος ἔδυε πίσω ἀπὸ τὰ δέντρα. «Πρέπει νὰ μιλήσω μὲ τὸν ὑπηρέτη», εἶπε. «Αὐτὸς θὰ ξέρει τί ἔγινε ἐκεῖνο τὸ βράδυ.» Ἡ κ. Μάντερσον ἔνευσε καὶ βγῆκε ἀπὸ τὸ δωμάτιο.

Ὁ Τρέντ ἄκουγε προσεκτικὰ κρατώντας σημειώσεις. «Καὶ μετὰ ἀπὸ τὰ μεσάνυχτα;» «Δὲν ἄκουσα τίποτε, κύριε», εἶπε ὁ ὑπηρέτης. Ὁ Τρέντ χαμογέλασε.

—Τὸ ἐνωμένο βιβλιοθήκη εἶπεν ὁ Μάρτς ὅτι ὁ Μάντερσον συνήθιζε νὰ ἐργάζεται ἐδῶ. Κανείς δὲν ἦρθε ἐδῶ πρὸ πολλοῦ. — Ἦταν ὁ μόνος ποὺ μπαινόβγαινε, ἀπάντησε ἡ κ. Μάντερσον. Ὁ Τρέντ κοίταξε γύρω του τὰ ράφια καὶ τὰ χαρτιά. Σὲ μιὰ γωνιὰ ὑπῆρχε ἕνα μικρὸ γραφεῖο, πάνω στὸ ὁποῖο βρισκόταν μιὰ φωτογραφία. «Θὰ ἤθελα νὰ δῶ καὶ τὰ ὑπόλοιπα δωμάτια», εἶπε τελικά.

Ὁ Τρέντ ἄκουγε προσεκτικὰ κρατώντας σημειώσεις. «Καὶ μετὰ ἀπὸ τὰ μεσάνυχτα;» «Δὲν ἄκουσα τίποτε, κύριε», εἶπε ὁ ὑπηρέτης. Ὁ Τρέντ χαμογέλασε.

ὁ Τρέντ δὲν τὸ ξεχνοῦσε. Ὁ ὑπηρέτης ἦρθε ἀμέσως καὶ στάθηκε μπροστά του. «Μπορεῖτε νὰ μοῦ πεῖτε τί ἔκανε ὁ κ. Μάντερσον τὴν τελευταία βραδιά;» ρώτησε ὁ Τρέντ. Ὁ ὑπηρέτης ἔμεινε σιωπηλὸς γιὰ λίγο καὶ ὕστερα ἄρχισε νὰ διηγεῖται ὅσα θυμόταν.

—Ἀκριβῶς, εἶπε ὁ Τρέντ. Ὅλα τὰ πράγματα εἶναι στὴ θέση τους. Αὐτὸ εἶναι τὸ περίεργο. Ὁ ἄνθρωπος ποὺ ἔφυγε βιαστικὰ ἀπὸ τὸ σπίτι δὲν θὰ εἶχε τὸν καιρὸ νὰ τακτοποιήσῃ τίποτε. Κι ὅμως, τὸ δωμάτιο μοιάζει σὰν νὰ μὴν πέρασε κανεὶς ἀπὸ ἐδῶ ἐδῶ καὶ μέρες. Ὁ Μάρτς τὸν κοίταξε μὲ ἀπορία.

ΑΥΡΙΟΝ: Η συνέχεια.
